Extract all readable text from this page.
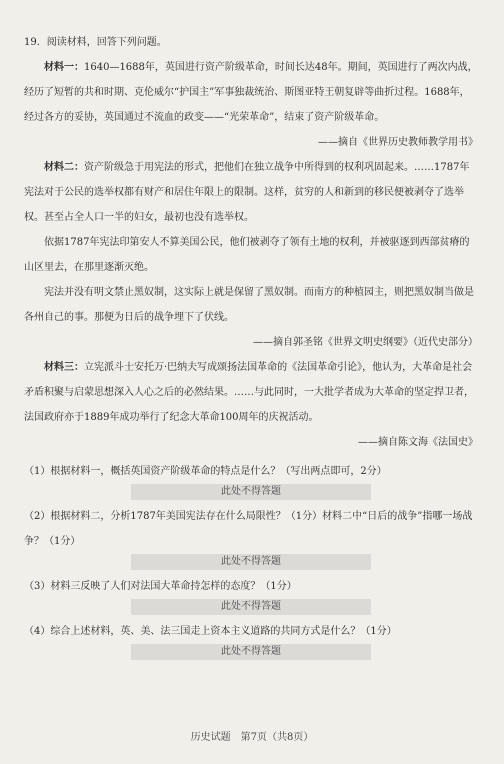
19．阅读材料，回答下列问题。

材料一：1640—1688年，英国进行资产阶级革命，时间长达48年。期间，英国进行了两次内战，经历了短暂的共和时期、克伦威尔“护国主”军事独裁统治、斯图亚特王朝复辟等曲折过程。1688年，经过各方的妥协，英国通过不流血的政变——“光荣革命”，结束了资产阶级革命。

——摘自《世界历史教师教学用书》

材料二：资产阶级急于用宪法的形式，把他们在独立战争中所得到的权利巩固起来。……1787年宪法对于公民的选举权都有财产和居住年限上的限制。这样，贫穷的人和新到的移民便被剥夺了选举权。甚至占全人口一半的妇女，最初也没有选举权。

依据1787年宪法印第安人不算美国公民，他们被剥夺了领有土地的权利，并被驱逐到西部贫瘠的山区里去，在那里逐渐灭绝。

宪法并没有明文禁止黑奴制，这实际上就是保留了黑奴制。而南方的种植园主，则把黑奴制当做是各州自己的事。那便为日后的战争埋下了伏线。

——摘自郭圣铭《世界文明史纲要》（近代史部分）

材料三：立宪派斗士安托万·巴纳夫写成颂扬法国革命的《法国革命引论》，他认为，大革命是社会矛盾积聚与启蒙思想深入人心之后的必然结果。……与此同时，一大批学者成为大革命的坚定捍卫者，法国政府亦于1889年成功举行了纪念大革命100周年的庆祝活动。

——摘自陈文海《法国史》

（1）根据材料一，概括英国资产阶级革命的特点是什么？（写出两点即可，2分）

此处不得答题

（2）根据材料二，分析1787年美国宪法存在什么局限性？（1分）材料二中“日后的战争”指哪一场战争？（1分）

此处不得答题

（3）材料三反映了人们对法国大革命持怎样的态度？（1分）

此处不得答题

（4）综合上述材料，英、美、法三国走上资本主义道路的共同方式是什么？（1分）

此处不得答题
历史试题　第7页（共8页）
